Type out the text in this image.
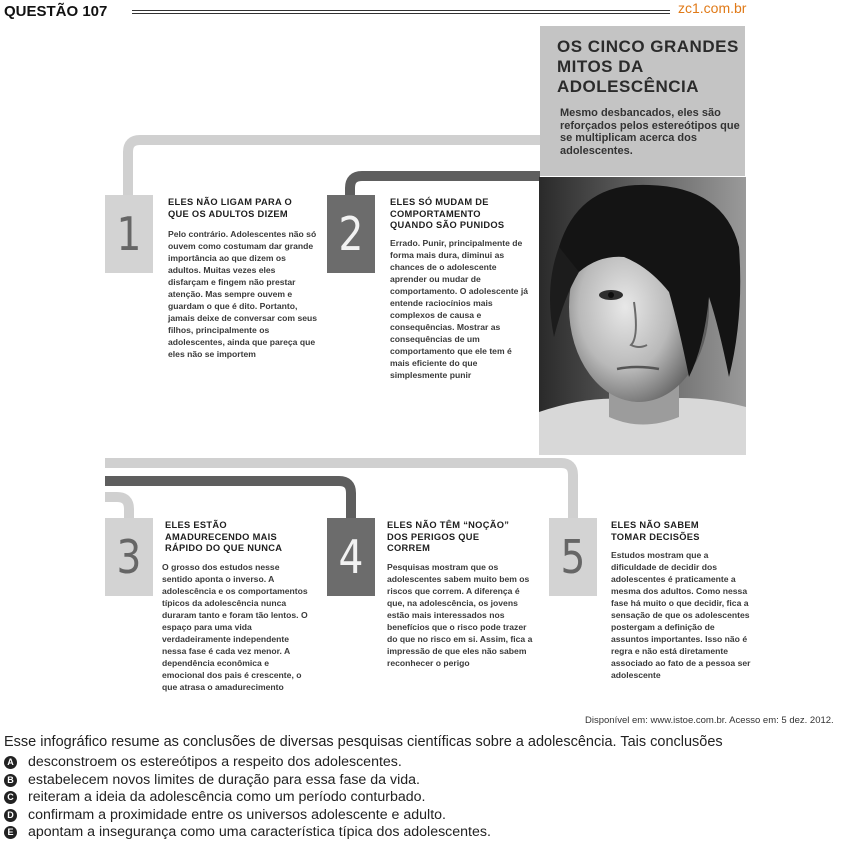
QUESTÃO 107	zc1.com.br
OS CINCO GRANDES MITOS DA ADOLESCÊNCIA

Mesmo desbancados, eles são reforçados pelos estereótipos que se multiplicam acerca dos adolescentes.

1
ELES NÃO LIGAM PARA O QUE OS ADULTOS DIZEM

Pelo contrário. Adolescentes não só ouvem como costumam dar grande importância ao que dizem os adultos. Muitas vezes eles disfarçam e fingem não prestar atenção. Mas sempre ouvem e guardam o que é dito. Portanto, jamais deixe de conversar com seus filhos, principalmente os adolescentes, ainda que pareça que eles não se importem

2
ELES SÓ MUDAM DE COMPORTAMENTO QUANDO SÃO PUNIDOS

Errado. Punir, principalmente de forma mais dura, diminui as chances de o adolescente aprender ou mudar de comportamento. O adolescente já entende raciocínios mais complexos de causa e consequências. Mostrar as consequências de um comportamento que ele tem é mais eficiente do que simplesmente punir

3
ELES ESTÃO AMADURECENDO MAIS RÁPIDO DO QUE NUNCA

O grosso dos estudos nesse sentido aponta o inverso. A adolescência e os comportamentos típicos da adolescência nunca duraram tanto e foram tão lentos. O espaço para uma vida verdadeiramente independente nessa fase é cada vez menor. A dependência econômica e emocional dos pais é crescente, o que atrasa o amadurecimento

4
ELES NÃO TÊM “NOÇÃO” DOS PERIGOS QUE CORREM

Pesquisas mostram que os adolescentes sabem muito bem os riscos que correm. A diferença é que, na adolescência, os jovens estão mais interessados nos benefícios que o risco pode trazer do que no risco em si. Assim, fica a impressão de que eles não sabem reconhecer o perigo

5
ELES NÃO SABEM TOMAR DECISÕES

Estudos mostram que a dificuldade de decidir dos adolescentes é praticamente a mesma dos adultos. Como nessa fase há muito o que decidir, fica a sensação de que os adolescentes postergam a definição de assuntos importantes. Isso não é regra e não está diretamente associado ao fato de a pessoa ser adolescente

Disponível em: www.istoe.com.br. Acesso em: 5 dez. 2012.
Esse infográfico resume as conclusões de diversas pesquisas científicas sobre a adolescência. Tais conclusões
A desconstroem os estereótipos a respeito dos adolescentes.
B estabelecem novos limites de duração para essa fase da vida.
C reiteram a ideia da adolescência como um período conturbado.
D confirmam a proximidade entre os universos adolescente e adulto.
E apontam a insegurança como uma característica típica dos adolescentes.
